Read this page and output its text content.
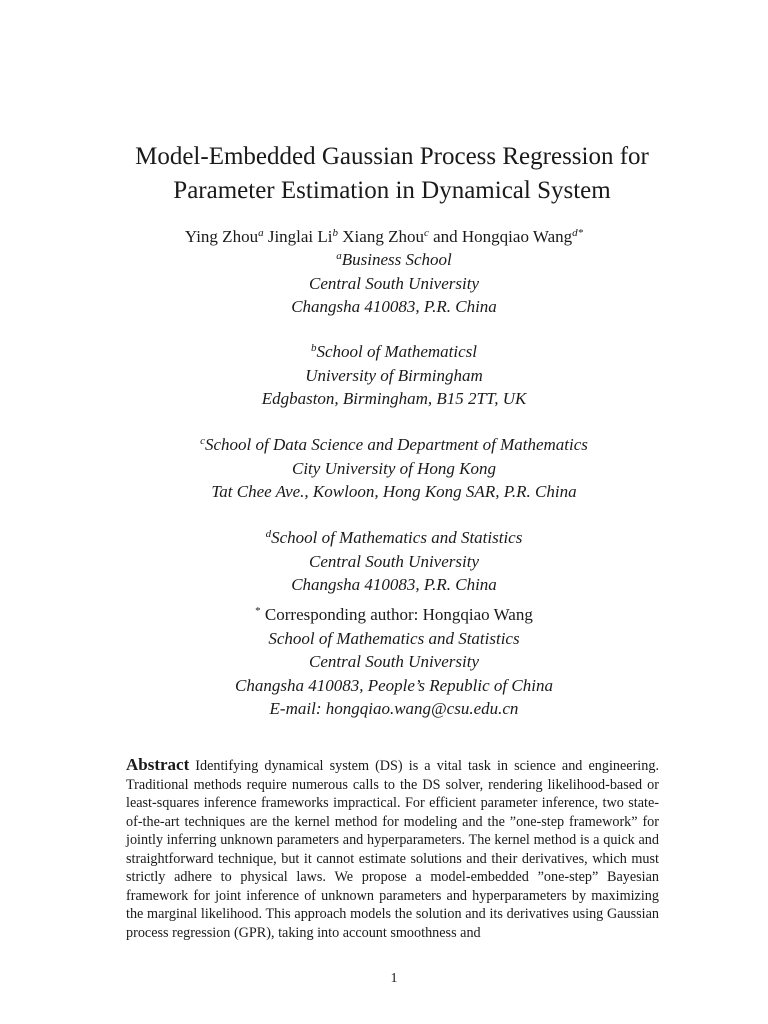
Model-Embedded Gaussian Process Regression for
Parameter Estimation in Dynamical System
Ying Zhou$^a$ Jinglai Li$^b$ Xiang Zhou$^c$ and Hongqiao Wang$^{d*}$
$^a$Business School
Central South University
Changsha 410083, P.R. China
$^b$School of Mathematicsl
University of Birmingham
Edgbaston, Birmingham, B15 2TT, UK
$^c$School of Data Science and Department of Mathematics
City University of Hong Kong
Tat Chee Ave., Kowloon, Hong Kong SAR, P.R. China
$^d$School of Mathematics and Statistics
Central South University
Changsha 410083, P.R. China
* Corresponding author: Hongqiao Wang
School of Mathematics and Statistics
Central South University
Changsha 410083, People’s Republic of China
E-mail: hongqiao.wang@csu.edu.cn
Abstract Identifying dynamical system (DS) is a vital task in science and engineering. Traditional methods require numerous calls to the DS solver, rendering likelihood-based or least-squares inference frameworks impractical. For efficient parameter inference, two state-of-the-art techniques are the kernel method for modeling and the ”one-step framework” for jointly inferring unknown parameters and hyperparameters. The kernel method is a quick and straightforward technique, but it cannot estimate solutions and their derivatives, which must strictly adhere to physical laws. We propose a model-embedded ”one-step” Bayesian framework for joint inference of unknown parameters and hyperparameters by maximizing the marginal likelihood. This approach models the solution and its derivatives using Gaussian process regression (GPR), taking into account smoothness and
1
